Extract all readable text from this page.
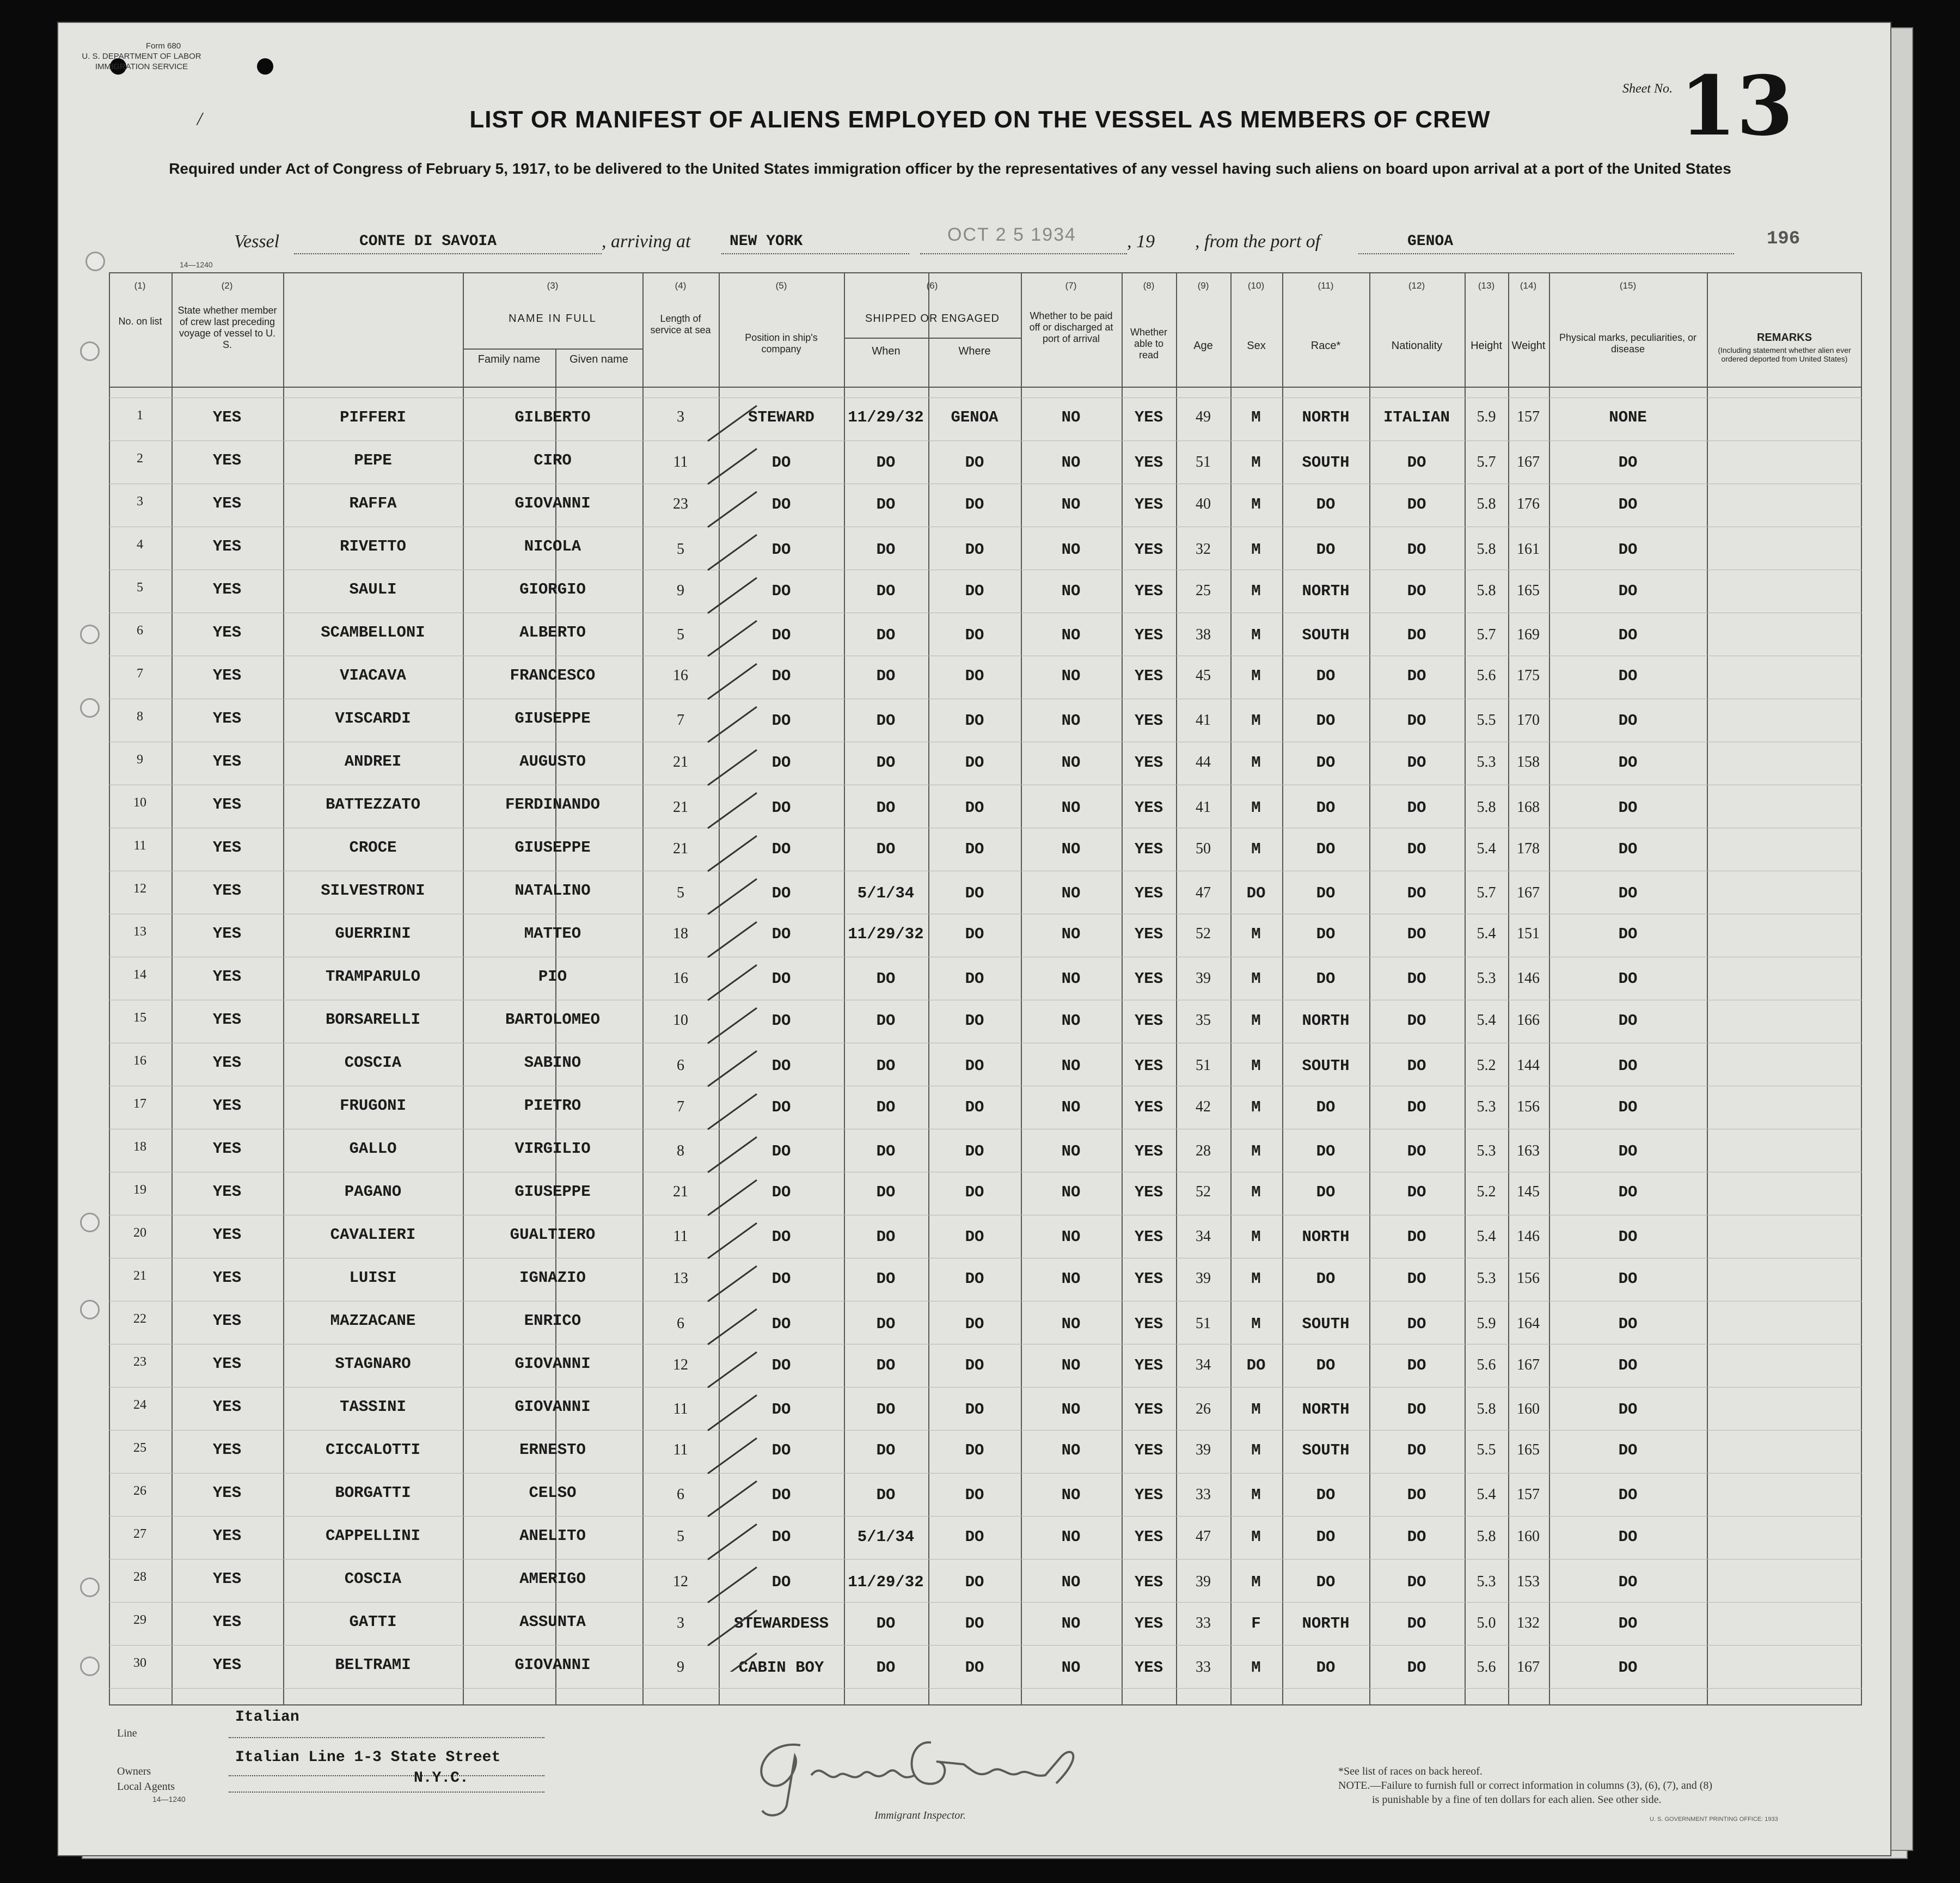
Form 680
U. S. DEPARTMENT OF LABOR
IMMIGRATION SERVICE
/	LIST OR MANIFEST OF ALIENS EMPLOYED ON THE VESSEL AS MEMBERS OF CREW
Sheet No. 13
Required under Act of Congress of February 5, 1917, to be delivered to the United States immigration officer by the representatives of any vessel having such aliens on board upon arrival at a port of the United States
Vessel	CONTE DI SAVOIA	, arriving at	NEW YORK	OCT 2 5 1934	, 19 , from the port of	GENOA	196
14—1240
(1)	(2)	(3)	(4)	(5)	(6)	(7)	(8)	(9)	(10)	(11)	(12)	(13)	(14)	(15)
No. on list
State whether member of crew last preceding voyage of vessel to U. S.
NAME IN FULL
Family name	Given name
Length of service at sea
Position in ship's company
SHIPPED OR ENGAGED
When	Where
Whether to be paid off or discharged at port of arrival
Whether able to read
Age	Sex	Race*	Nationality	Height Weight
Physical marks, peculiarities, or disease
REMARKS
(Including statement whether alien ever ordered deported from United States)
1	YES	PIFFERI	GILBERTO	3	STEWARD	11/29/32	GENOA	NO	YES	49	M	NORTH	ITALIAN	5.9	157	NONE
2	YES	PEPE	CIRO	11	DO	DO	DO	NO	YES	51	M	SOUTH	DO	5.7	167	DO
3	YES	RAFFA	GIOVANNI	23	DO	DO	DO	NO	YES	40	M	DO	DO	5.8	176	DO
4	YES	RIVETTO	NICOLA	5	DO	DO	DO	NO	YES	32	M	DO	DO	5.8	161	DO
5	YES	SAULI	GIORGIO	9	DO	DO	DO	NO	YES	25	M	NORTH	DO	5.8	165	DO
6	YES	SCAMBELLONI	ALBERTO	5	DO	DO	DO	NO	YES	38	M	SOUTH	DO	5.7	169	DO
7	YES	VIACAVA	FRANCESCO	16	DO	DO	DO	NO	YES	45	M	DO	DO	5.6	175	DO
8	YES	VISCARDI	GIUSEPPE	7	DO	DO	DO	NO	YES	41	M	DO	DO	5.5	170	DO
9	YES	ANDREI	AUGUSTO	21	DO	DO	DO	NO	YES	44	M	DO	DO	5.3	158	DO
10	YES	BATTEZZATO	FERDINANDO	21	DO	DO	DO	NO	YES	41	M	DO	DO	5.8	168	DO
11	YES	CROCE	GIUSEPPE	21	DO	DO	DO	NO	YES	50	M	DO	DO	5.4	178	DO
12	YES	SILVESTRONI	NATALINO	5	DO	5/1/34	DO	NO	YES	47	DO	DO	DO	5.7	167	DO
13	YES	GUERRINI	MATTEO	18	DO	11/29/32	DO	NO	YES	52	M	DO	DO	5.4	151	DO
14	YES	TRAMPARULO	PIO	16	DO	DO	DO	NO	YES	39	M	DO	DO	5.3	146	DO
15	YES	BORSARELLI	BARTOLOMEO	10	DO	DO	DO	NO	YES	35	M	NORTH	DO	5.4	166	DO
16	YES	COSCIA	SABINO	6	DO	DO	DO	NO	YES	51	M	SOUTH	DO	5.2	144	DO
17	YES	FRUGONI	PIETRO	7	DO	DO	DO	NO	YES	42	M	DO	DO	5.3	156	DO
18	YES	GALLO	VIRGILIO	8	DO	DO	DO	NO	YES	28	M	DO	DO	5.3	163	DO
19	YES	PAGANO	GIUSEPPE	21	DO	DO	DO	NO	YES	52	M	DO	DO	5.2	145	DO
20	YES	CAVALIERI	GUALTIERO	11	DO	DO	DO	NO	YES	34	M	NORTH	DO	5.4	146	DO
21	YES	LUISI	IGNAZIO	13	DO	DO	DO	NO	YES	39	M	DO	DO	5.3	156	DO
22	YES	MAZZACANE	ENRICO	6	DO	DO	DO	NO	YES	51	M	SOUTH	DO	5.9	164	DO
23	YES	STAGNARO	GIOVANNI	12	DO	DO	DO	NO	YES	34	DO	DO	DO	5.6	167	DO
24	YES	TASSINI	GIOVANNI	11	DO	DO	DO	NO	YES	26	M	NORTH	DO	5.8	160	DO
25	YES	CICCALOTTI	ERNESTO	11	DO	DO	DO	NO	YES	39	M	SOUTH	DO	5.5	165	DO
26	YES	BORGATTI	CELSO	6	DO	DO	DO	NO	YES	33	M	DO	DO	5.4	157	DO
27	YES	CAPPELLINI	ANELITO	5	DO	5/1/34	DO	NO	YES	47	M	DO	DO	5.8	160	DO
28	YES	COSCIA	AMERIGO	12	DO	11/29/32	DO	NO	YES	39	M	DO	DO	5.3	153	DO
29	YES	GATTI	ASSUNTA	3	STEWARDESS	DO	DO	NO	YES	33	F	NORTH	DO	5.0	132	DO
30	YES	BELTRAMI	GIOVANNI	9	CABIN BOY	DO	DO	NO	YES	33	M	DO	DO	5.6	167	DO
Line
Italian
Owners
Italian Line 1-3 State Street
N.Y.C.
Local Agents
14—1240
Immigrant Inspector.
*See list of races on back hereof.
NOTE.—Failure to furnish full or correct information in columns (3), (6), (7), and (8)
is punishable by a fine of ten dollars for each alien. See other side.
U. S. GOVERNMENT PRINTING OFFICE: 1933
